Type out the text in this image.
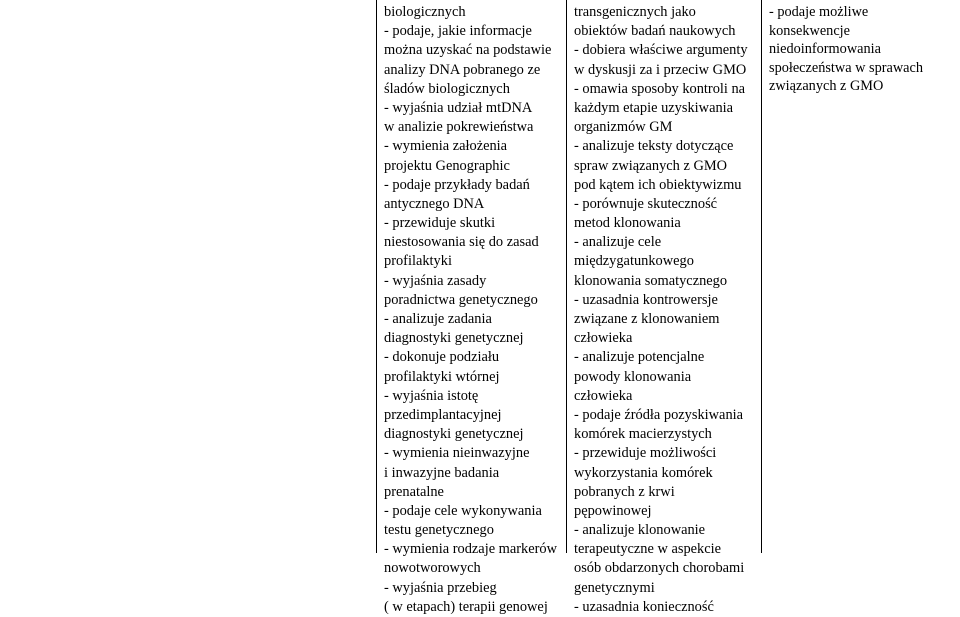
biologicznych
- podaje, jakie informacje
można uzyskać na podstawie
analizy DNA pobranego ze
śladów biologicznych
- wyjaśnia udział mtDNA
w analizie pokrewieństwa
- wymienia założenia
projektu Genographic
- podaje przykłady badań
antycznego DNA
- przewiduje skutki
niestosowania się do zasad
profilaktyki
- wyjaśnia zasady
poradnictwa genetycznego
- analizuje zadania
diagnostyki genetycznej
- dokonuje podziału
profilaktyki wtórnej
- wyjaśnia istotę
przedimplantacyjnej
diagnostyki genetycznej
- wymienia nieinwazyjne
i inwazyjne badania
prenatalne
- podaje cele wykonywania
testu genetycznego
- wymienia rodzaje markerów
nowotworowych
- wyjaśnia przebieg
( w etapach) terapii genowej
transgenicznych jako
obiektów badań naukowych
- dobiera właściwe argumenty
w dyskusji za i przeciw GMO
- omawia sposoby kontroli na
każdym etapie uzyskiwania
organizmów GM
- analizuje teksty dotyczące
spraw związanych z GMO
pod kątem ich obiektywizmu
- porównuje skuteczność
metod klonowania
- analizuje cele
międzygatunkowego
klonowania somatycznego
- uzasadnia kontrowersje
związane z klonowaniem
człowieka
- analizuje potencjalne
powody klonowania
człowieka
- podaje źródła pozyskiwania
komórek macierzystych
- przewiduje możliwości
wykorzystania komórek
pobranych z krwi
pępowinowej
- analizuje klonowanie
terapeutyczne w aspekcie
osób obdarzonych chorobami
genetycznymi
- uzasadnia konieczność
- podaje możliwe
konsekwencje
niedoinformowania
społeczeństwa w sprawach
związanych z GMO
